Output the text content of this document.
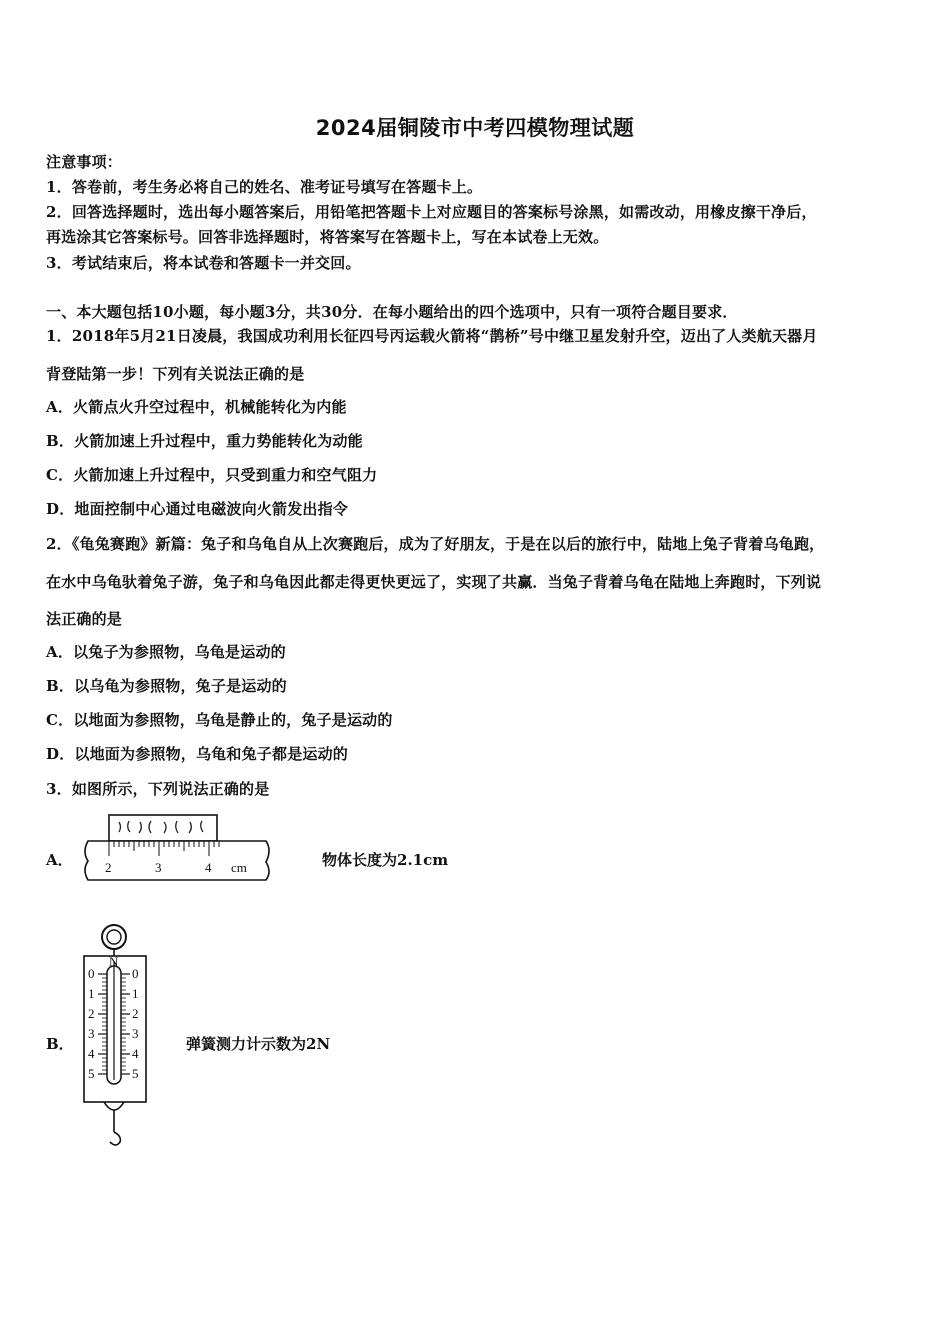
2024届铜陵市中考四模物理试题
注意事项：
1．答卷前，考生务必将自己的姓名、准考证号填写在答题卡上。
2．回答选择题时，选出每小题答案后，用铅笔把答题卡上对应题目的答案标号涂黑，如需改动，用橡皮擦干净后，
再选涂其它答案标号。回答非选择题时，将答案写在答题卡上，写在本试卷上无效。
3．考试结束后，将本试卷和答题卡一并交回。
一、本大题包括10小题，每小题3分，共30分．在每小题给出的四个选项中，只有一项符合题目要求．
1．2018年5月21日凌晨，我国成功利用长征四号丙运载火箭将“鹊桥”号中继卫星发射升空，迈出了人类航天器月
背登陆第一步！下列有关说法正确的是
A．火箭点火升空过程中，机械能转化为内能
B．火箭加速上升过程中，重力势能转化为动能
C．火箭加速上升过程中，只受到重力和空气阻力
D．地面控制中心通过电磁波向火箭发出指令
2．《龟兔赛跑》新篇：兔子和乌龟自从上次赛跑后，成为了好朋友，于是在以后的旅行中，陆地上兔子背着乌龟跑，
在水中乌龟驮着兔子游，兔子和乌龟因此都走得更快更远了，实现了共赢．当兔子背着乌龟在陆地上奔跑时，下列说
法正确的是
A．以兔子为参照物，乌龟是运动的
B．以乌龟为参照物，兔子是运动的
C．以地面为参照物，乌龟是静止的，兔子是运动的
D．以地面为参照物，乌龟和兔子都是运动的
3．如图所示，下列说法正确的是
A． 2	3	4 cm	物体长度为2.1cm
B．
N
0
1
2
3
4
5
0
1
2
3
4
5
弹簧测力计示数为2N
